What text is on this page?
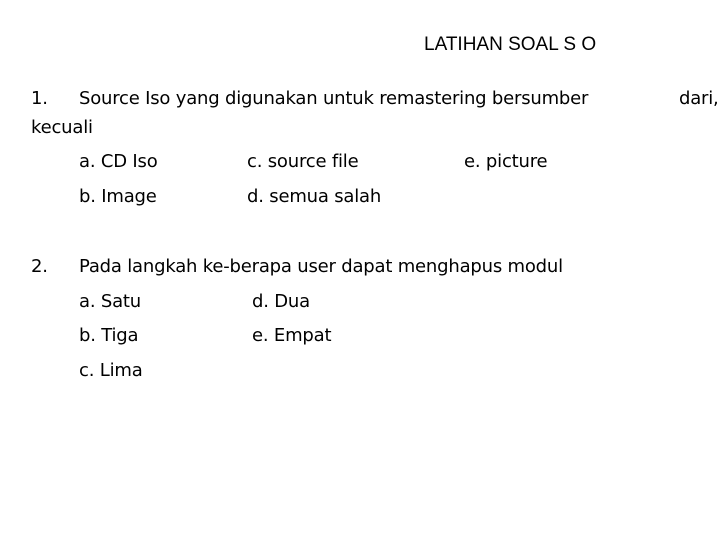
LATIHAN SOAL S O
1. Source Iso yang digunakan untuk remastering bersumber	dari,
kecuali
a. CD Iso
b. Image
c. source file
d. semua salah
e. picture
2. Pada langkah ke-berapa user dapat menghapus modul
a. Satu
b. Tiga
c. Lima
d. Dua
e. Empat
